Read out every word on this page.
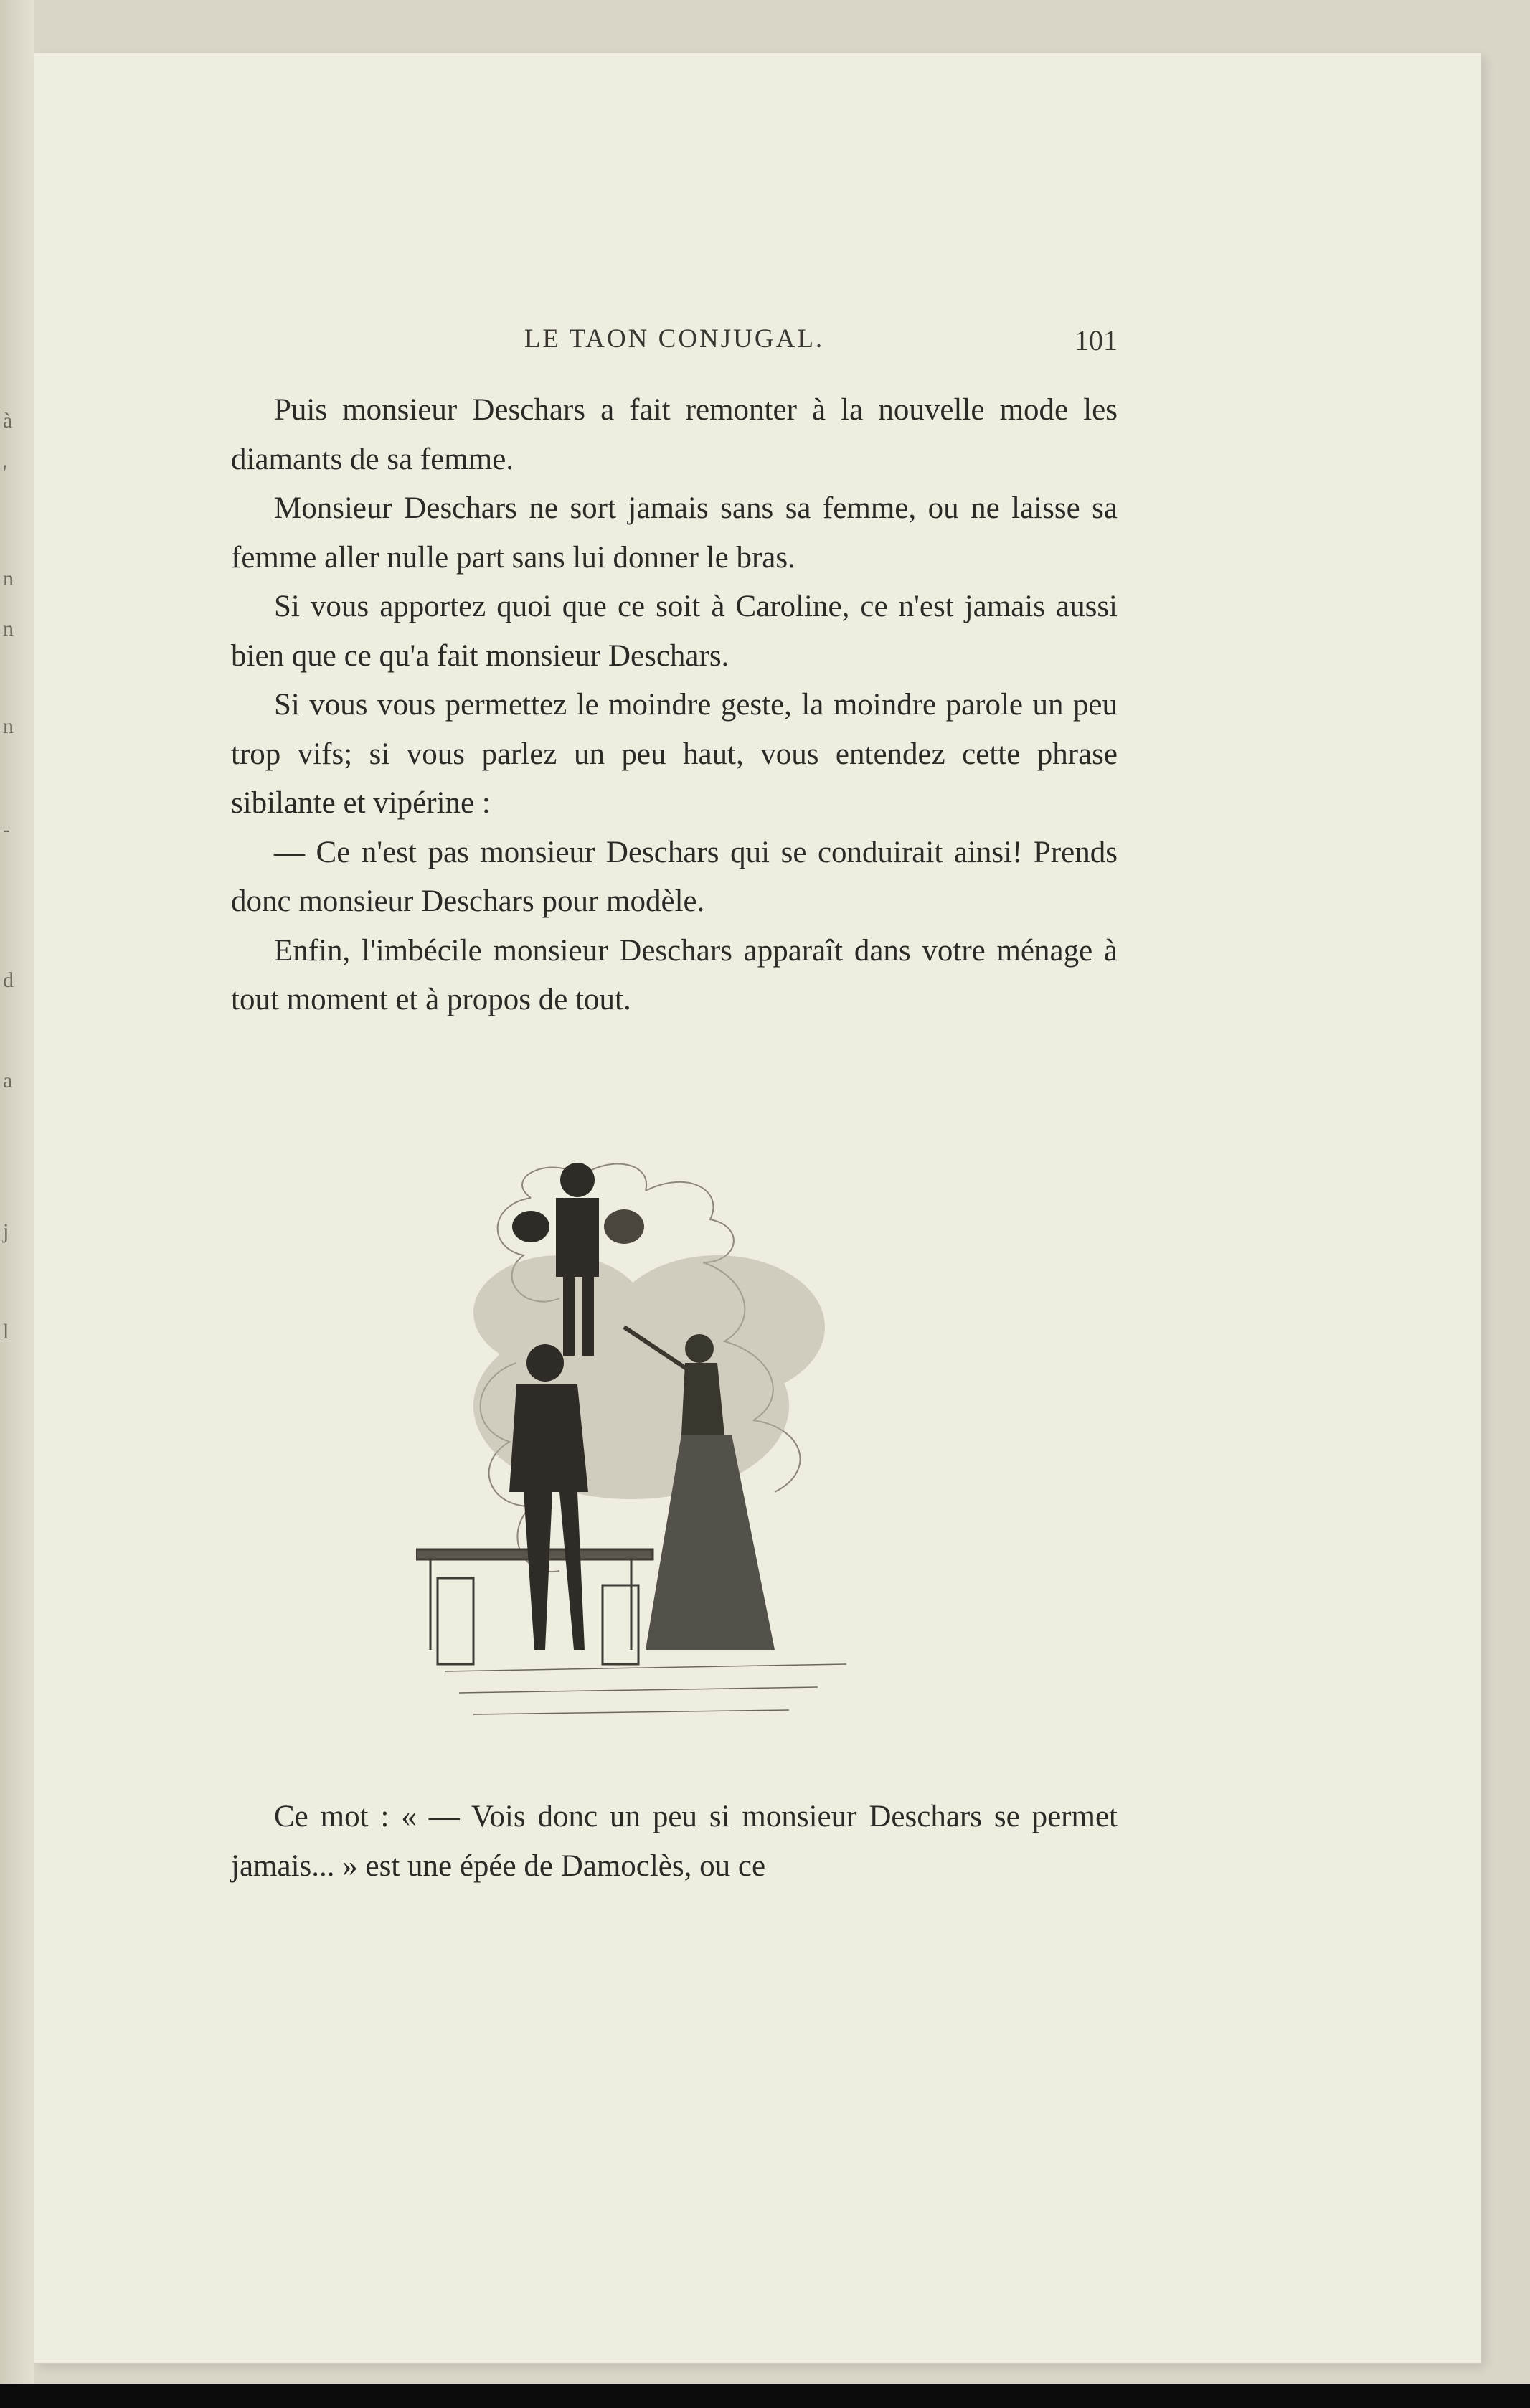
à
'
n
n
n
-
d
a
j
l
LE TAON CONJUGAL.	101

Puis monsieur Deschars a fait remonter à la nouvelle mode les diamants de sa femme.

Monsieur Deschars ne sort jamais sans sa femme, ou ne laisse sa femme aller nulle part sans lui donner le bras.

Si vous apportez quoi que ce soit à Caroline, ce n'est jamais aussi bien que ce qu'a fait monsieur Deschars.

Si vous vous permettez le moindre geste, la moindre parole un peu trop vifs; si vous parlez un peu haut, vous entendez cette phrase sibilante et vipérine :

— Ce n'est pas monsieur Deschars qui se conduirait ainsi! Prends donc monsieur Deschars pour modèle.

Enfin, l'imbécile monsieur Deschars apparaît dans votre ménage à tout moment et à propos de tout.

Ce mot : « — Vois donc un peu si monsieur Deschars se permet jamais... » est une épée de Damoclès, ou ce
